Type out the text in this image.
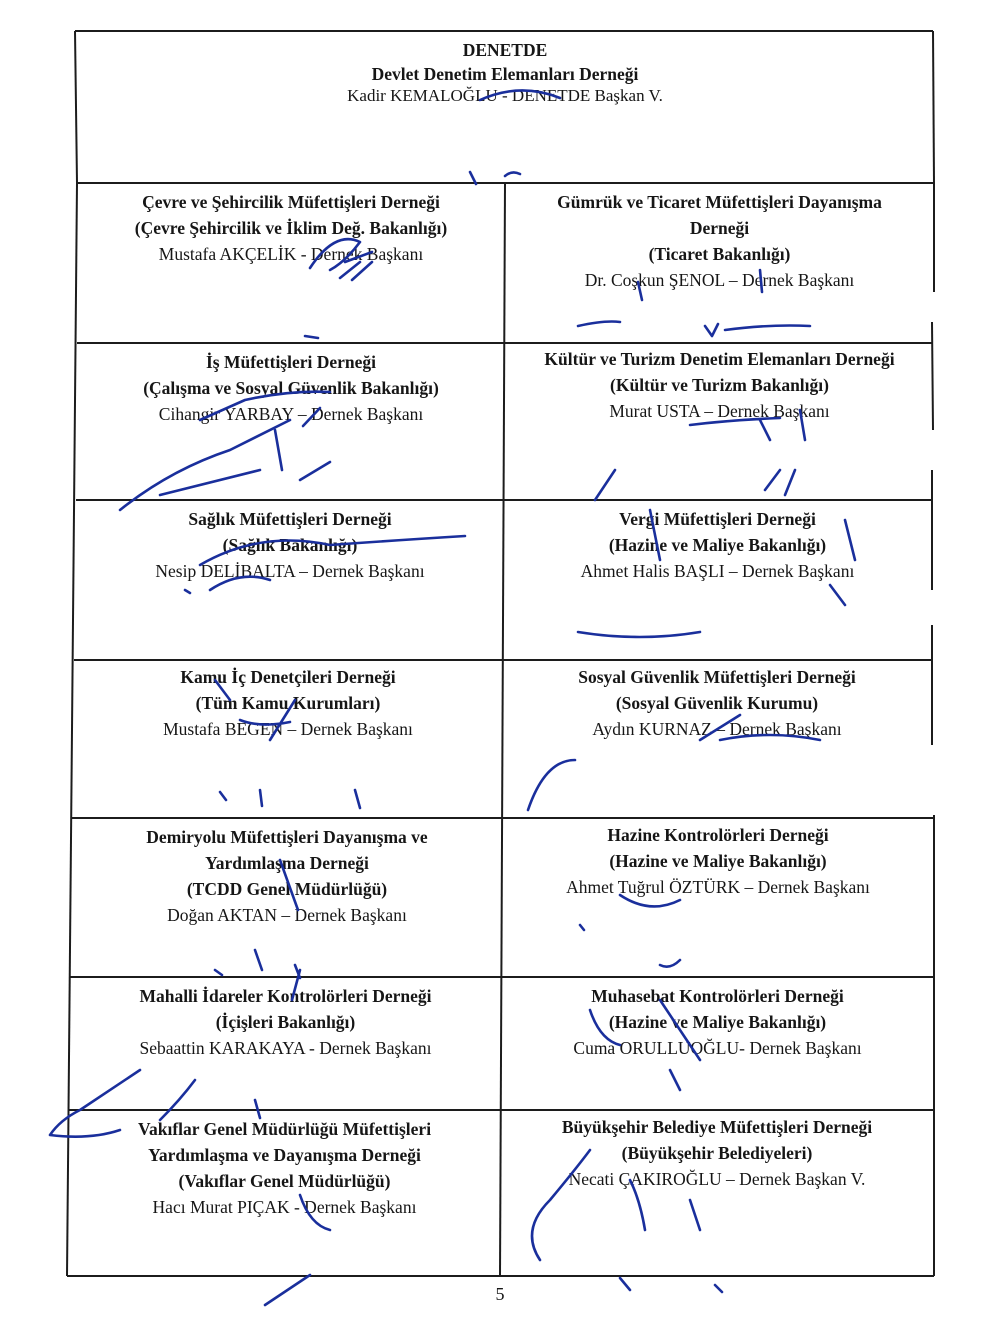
DENETDE
Devlet Denetim Elemanları Derneği
Kadir KEMALOĞLU - DENETDE Başkan V.
Çevre ve Şehircilik Müfettişleri Derneği
(Çevre Şehircilik ve İklim Değ. Bakanlığı)
Mustafa AKÇELİK - Dernek Başkanı
Gümrük ve Ticaret Müfettişleri Dayanışma
Derneği
(Ticaret Bakanlığı)
Dr. Coşkun ŞENOL – Dernek Başkanı
İş Müfettişleri Derneği
(Çalışma ve Sosyal Güvenlik Bakanlığı)
Cihangir YARBAY – Dernek Başkanı
Kültür ve Turizm Denetim Elemanları Derneği
(Kültür ve Turizm Bakanlığı)
Murat USTA – Dernek Başkanı
Sağlık Müfettişleri Derneği
(Sağlık Bakanlığı)
Nesip DELİBALTA – Dernek Başkanı
Vergi Müfettişleri Derneği
(Hazine ve Maliye Bakanlığı)
Ahmet Halis BAŞLI – Dernek Başkanı
Kamu İç Denetçileri Derneği
(Tüm Kamu Kurumları)
Mustafa BEGEN – Dernek Başkanı
Sosyal Güvenlik Müfettişleri Derneği
(Sosyal Güvenlik Kurumu)
Aydın KURNAZ – Dernek Başkanı
Demiryolu Müfettişleri Dayanışma ve
Yardımlaşma Derneği
(TCDD Genel Müdürlüğü)
Doğan AKTAN – Dernek Başkanı
Hazine Kontrolörleri Derneği
(Hazine ve Maliye Bakanlığı)
Ahmet Tuğrul ÖZTÜRK – Dernek Başkanı
Mahalli İdareler Kontrolörleri Derneği
(İçişleri Bakanlığı)
Sebaattin KARAKAYA - Dernek Başkanı
Muhasebat Kontrolörleri Derneği
(Hazine ve Maliye Bakanlığı)
Cuma ORULLUOĞLU- Dernek Başkanı
Vakıflar Genel Müdürlüğü Müfettişleri
Yardımlaşma ve Dayanışma Derneği
(Vakıflar Genel Müdürlüğü)
Hacı Murat PIÇAK - Dernek Başkanı
Büyükşehir Belediye Müfettişleri Derneği
(Büyükşehir Belediyeleri)
Necati ÇAKIROĞLU – Dernek Başkan V.
5
